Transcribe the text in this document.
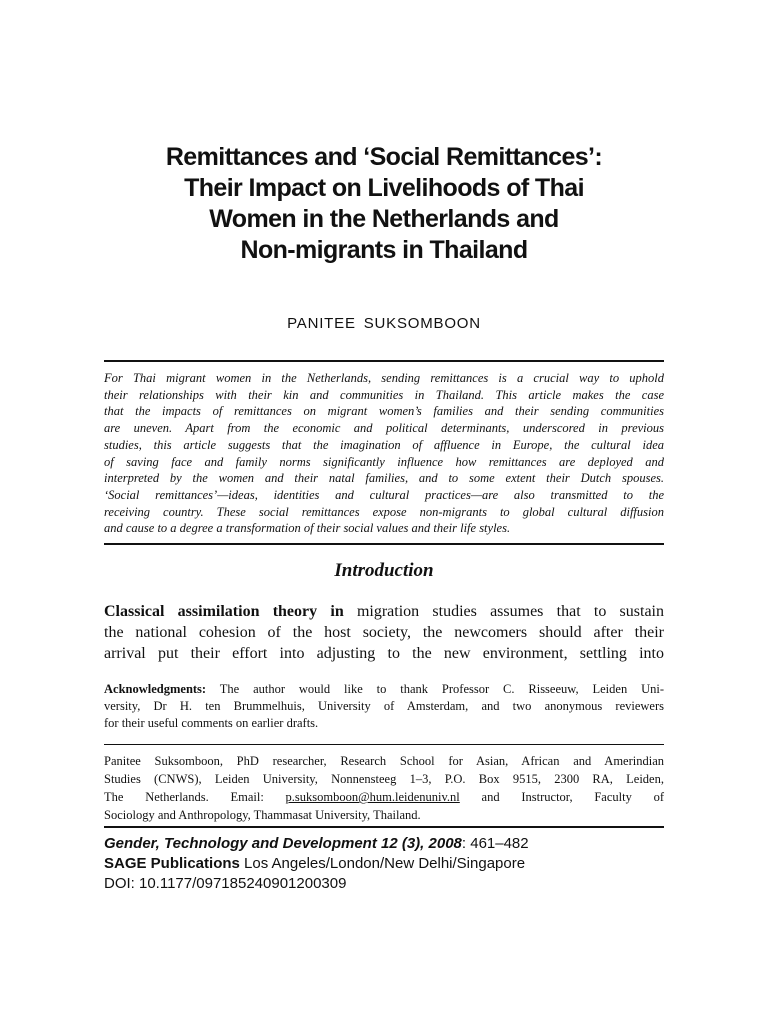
Remittances and ‘Social Remittances’:
Their Impact on Livelihoods of Thai
Women in the Netherlands and
Non-migrants in Thailand
PANITEE SUKSOMBOON
For Thai migrant women in the Netherlands, sending remittances is a crucial way to uphold
their relationships with their kin and communities in Thailand. This article makes the case
that the impacts of remittances on migrant women’s families and their sending communities
are uneven. Apart from the economic and political determinants, underscored in previous
studies, this article suggests that the imagination of affluence in Europe, the cultural idea
of saving face and family norms significantly influence how remittances are deployed and
interpreted by the women and their natal families, and to some extent their Dutch spouses.
‘Social remittances’—ideas, identities and cultural practices—are also transmitted to the
receiving country. These social remittances expose non-migrants to global cultural diffusion
and cause to a degree a transformation of their social values and their life styles.
Introduction
Classical assimilation theory in migration studies assumes that to sustain
the national cohesion of the host society, the newcomers should after their
arrival put their effort into adjusting to the new environment, settling into
Acknowledgments: The author would like to thank Professor C. Risseeuw, Leiden Uni-
versity, Dr H. ten Brummelhuis, University of Amsterdam, and two anonymous reviewers
for their useful comments on earlier drafts.
Panitee Suksomboon, PhD researcher, Research School for Asian, African and Amerindian
Studies (CNWS), Leiden University, Nonnensteeg 1–3, P.O. Box 9515, 2300 RA, Leiden,
The Netherlands. Email: p.suksomboon@hum.leidenuniv.nl and Instructor, Faculty of
Sociology and Anthropology, Thammasat University, Thailand.
Gender, Technology and Development 12 (3), 2008: 461–482
SAGE Publications Los Angeles/London/New Delhi/Singapore
DOI: 10.1177/097185240901200309
